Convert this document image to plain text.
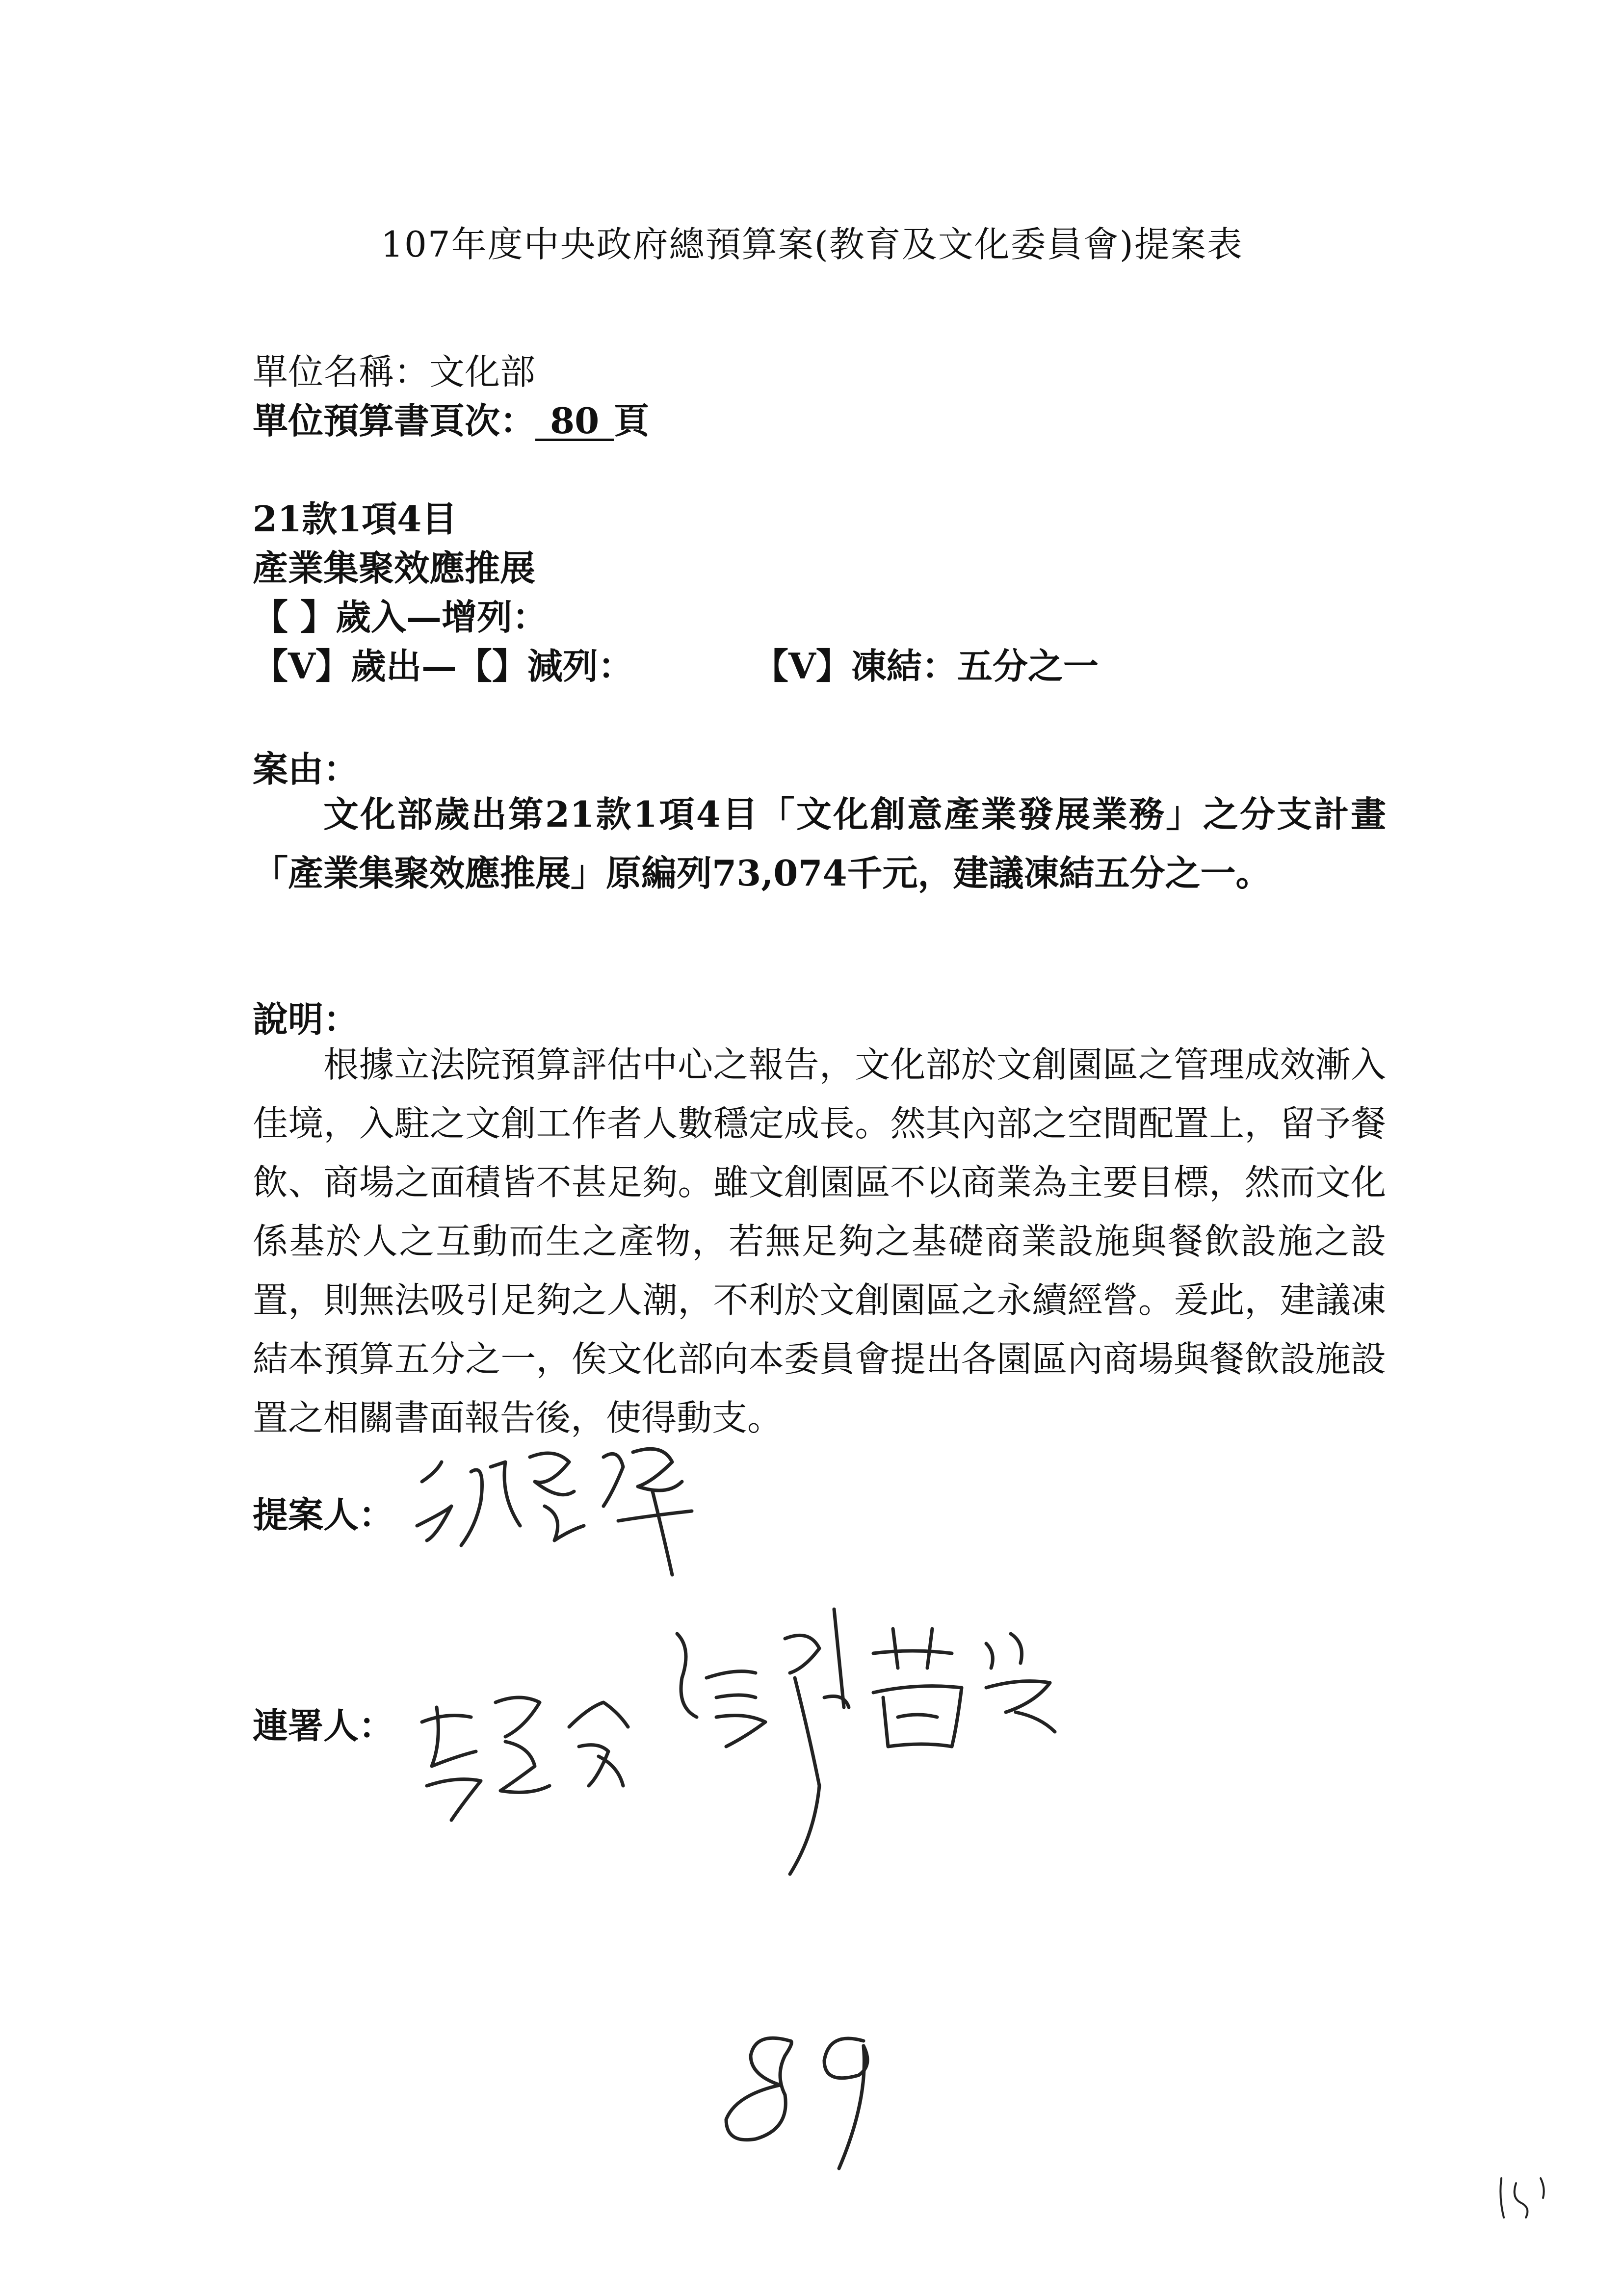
107年度中央政府總預算案(教育及文化委員會)提案表
單位名稱：文化部
單位預算書頁次： 80 頁
21款1項4目
產業集聚效應推展
【 】歲入—增列：
【V】歲出—【】減列：	【V】凍結：五分之一
案由：

文化部歲出第21款1項4目「文化創意產業發展業務」之分支計畫「產業集聚效應推展」原編列73,074千元，建議凍結五分之一。

說明：

根據立法院預算評估中心之報告，文化部於文創園區之管理成效漸入佳境，入駐之文創工作者人數穩定成長。然其內部之空間配置上，留予餐飲、商場之面積皆不甚足夠。雖文創園區不以商業為主要目標，然而文化係基於人之互動而生之產物，若無足夠之基礎商業設施與餐飲設施之設置，則無法吸引足夠之人潮，不利於文創園區之永續經營。爰此，建議凍結本預算五分之一，俟文化部向本委員會提出各園區內商場與餐飲設施設置之相關書面報告後，使得動支。

提案人：
連署人：
